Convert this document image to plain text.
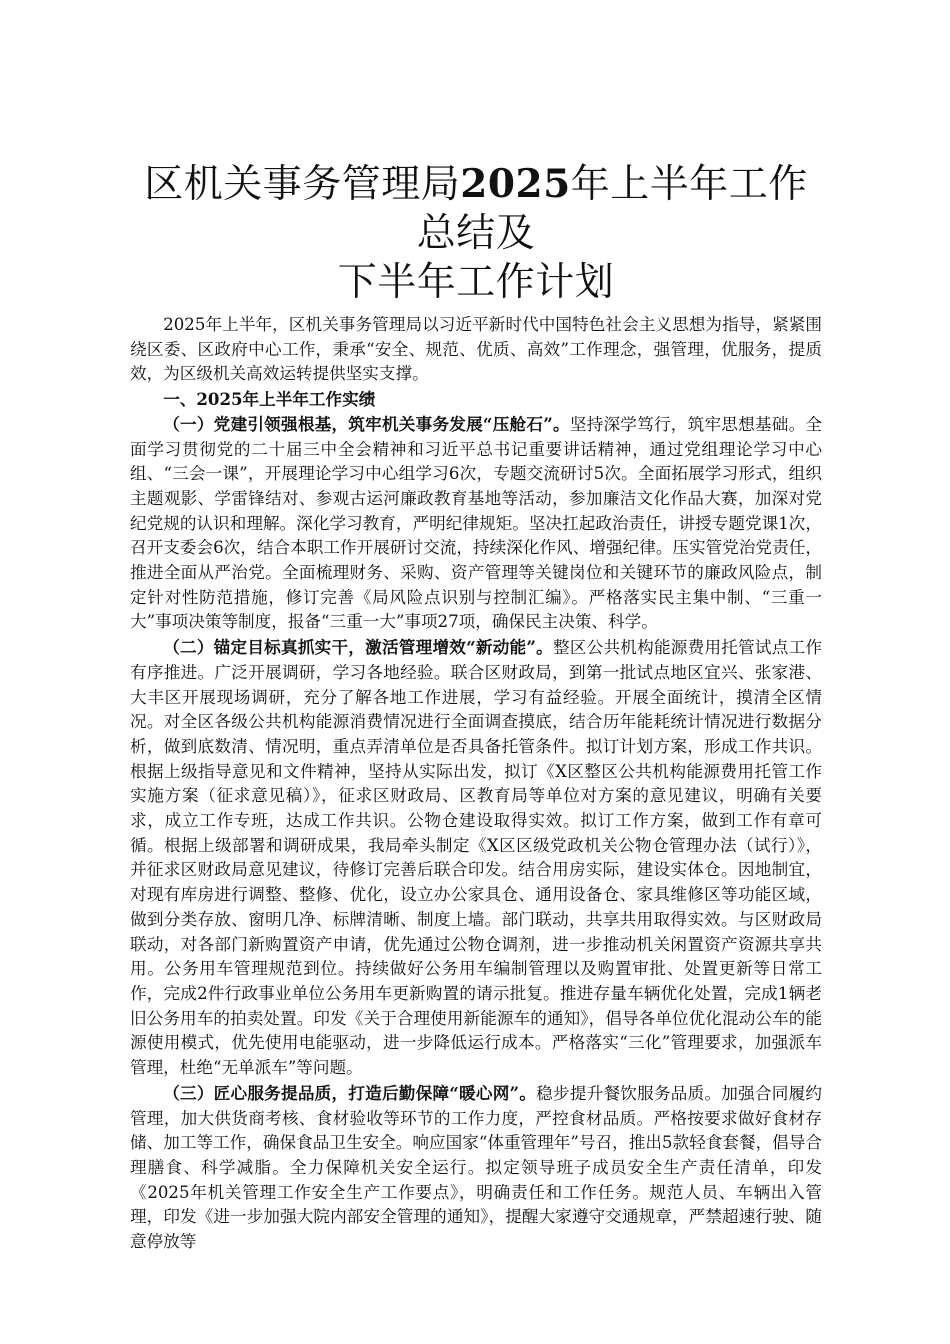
区机关事务管理局2025年上半年工作总结及
下半年工作计划

2025年上半年，区机关事务管理局以习近平新时代中国特色社会主义思想为指导，紧紧围绕区委、区政府中心工作，秉承“安全、规范、优质、高效”工作理念，强管理，优服务，提质效，为区级机关高效运转提供坚实支撑。

一、2025年上半年工作实绩

（一）党建引领强根基，筑牢机关事务发展“压舱石”。坚持深学笃行，筑牢思想基础。全面学习贯彻党的二十届三中全会精神和习近平总书记重要讲话精神，通过党组理论学习中心组、“三会一课”，开展理论学习中心组学习6次，专题交流研讨5次。全面拓展学习形式，组织主题观影、学雷锋结对、参观古运河廉政教育基地等活动，参加廉洁文化作品大赛，加深对党纪党规的认识和理解。深化学习教育，严明纪律规矩。坚决扛起政治责任，讲授专题党课1次，召开支委会6次，结合本职工作开展研讨交流，持续深化作风、增强纪律。压实管党治党责任，推进全面从严治党。全面梳理财务、采购、资产管理等关键岗位和关键环节的廉政风险点，制定针对性防范措施，修订完善《局风险点识别与控制汇编》。严格落实民主集中制、“三重一大”事项决策等制度，报备“三重一大”事项27项，确保民主决策、科学。

（二）锚定目标真抓实干，激活管理增效“新动能”。整区公共机构能源费用托管试点工作有序推进。广泛开展调研，学习各地经验。联合区财政局，到第一批试点地区宜兴、张家港、大丰区开展现场调研，充分了解各地工作进展，学习有益经验。开展全面统计，摸清全区情况。对全区各级公共机构能源消费情况进行全面调查摸底，结合历年能耗统计情况进行数据分析，做到底数清、情况明，重点弄清单位是否具备托管条件。拟订计划方案，形成工作共识。根据上级指导意见和文件精神，坚持从实际出发，拟订《X区整区公共机构能源费用托管工作实施方案（征求意见稿）》，征求区财政局、区教育局等单位对方案的意见建议，明确有关要求，成立工作专班，达成工作共识。公物仓建设取得实效。拟订工作方案，做到工作有章可循。根据上级部署和调研成果，我局牵头制定《X区区级党政机关公物仓管理办法（试行）》，并征求区财政局意见建议，待修订完善后联合印发。结合用房实际，建设实体仓。因地制宜，对现有库房进行调整、整修、优化，设立办公家具仓、通用设备仓、家具维修区等功能区域，做到分类存放、窗明几净、标牌清晰、制度上墙。部门联动，共享共用取得实效。与区财政局联动，对各部门新购置资产申请，优先通过公物仓调剂，进一步推动机关闲置资产资源共享共用。公务用车管理规范到位。持续做好公务用车编制管理以及购置审批、处置更新等日常工作，完成2件行政事业单位公务用车更新购置的请示批复。推进存量车辆优化处置，完成1辆老旧公务用车的拍卖处置。印发《关于合理使用新能源车的通知》，倡导各单位优化混动公车的能源使用模式，优先使用电能驱动，进一步降低运行成本。严格落实“三化”管理要求，加强派车管理，杜绝“无单派车”等问题。

（三）匠心服务提品质，打造后勤保障“暖心网”。稳步提升餐饮服务品质。加强合同履约管理，加大供货商考核、食材验收等环节的工作力度，严控食材品质。严格按要求做好食材存储、加工等工作，确保食品卫生安全。响应国家“体重管理年”号召，推出5款轻食套餐，倡导合理膳食、科学减脂。全力保障机关安全运行。拟定领导班子成员安全生产责任清单，印发《2025年机关管理工作安全生产工作要点》，明确责任和工作任务。规范人员、车辆出入管理，印发《进一步加强大院内部安全管理的通知》，提醒大家遵守交通规章，严禁超速行驶、随意停放等
